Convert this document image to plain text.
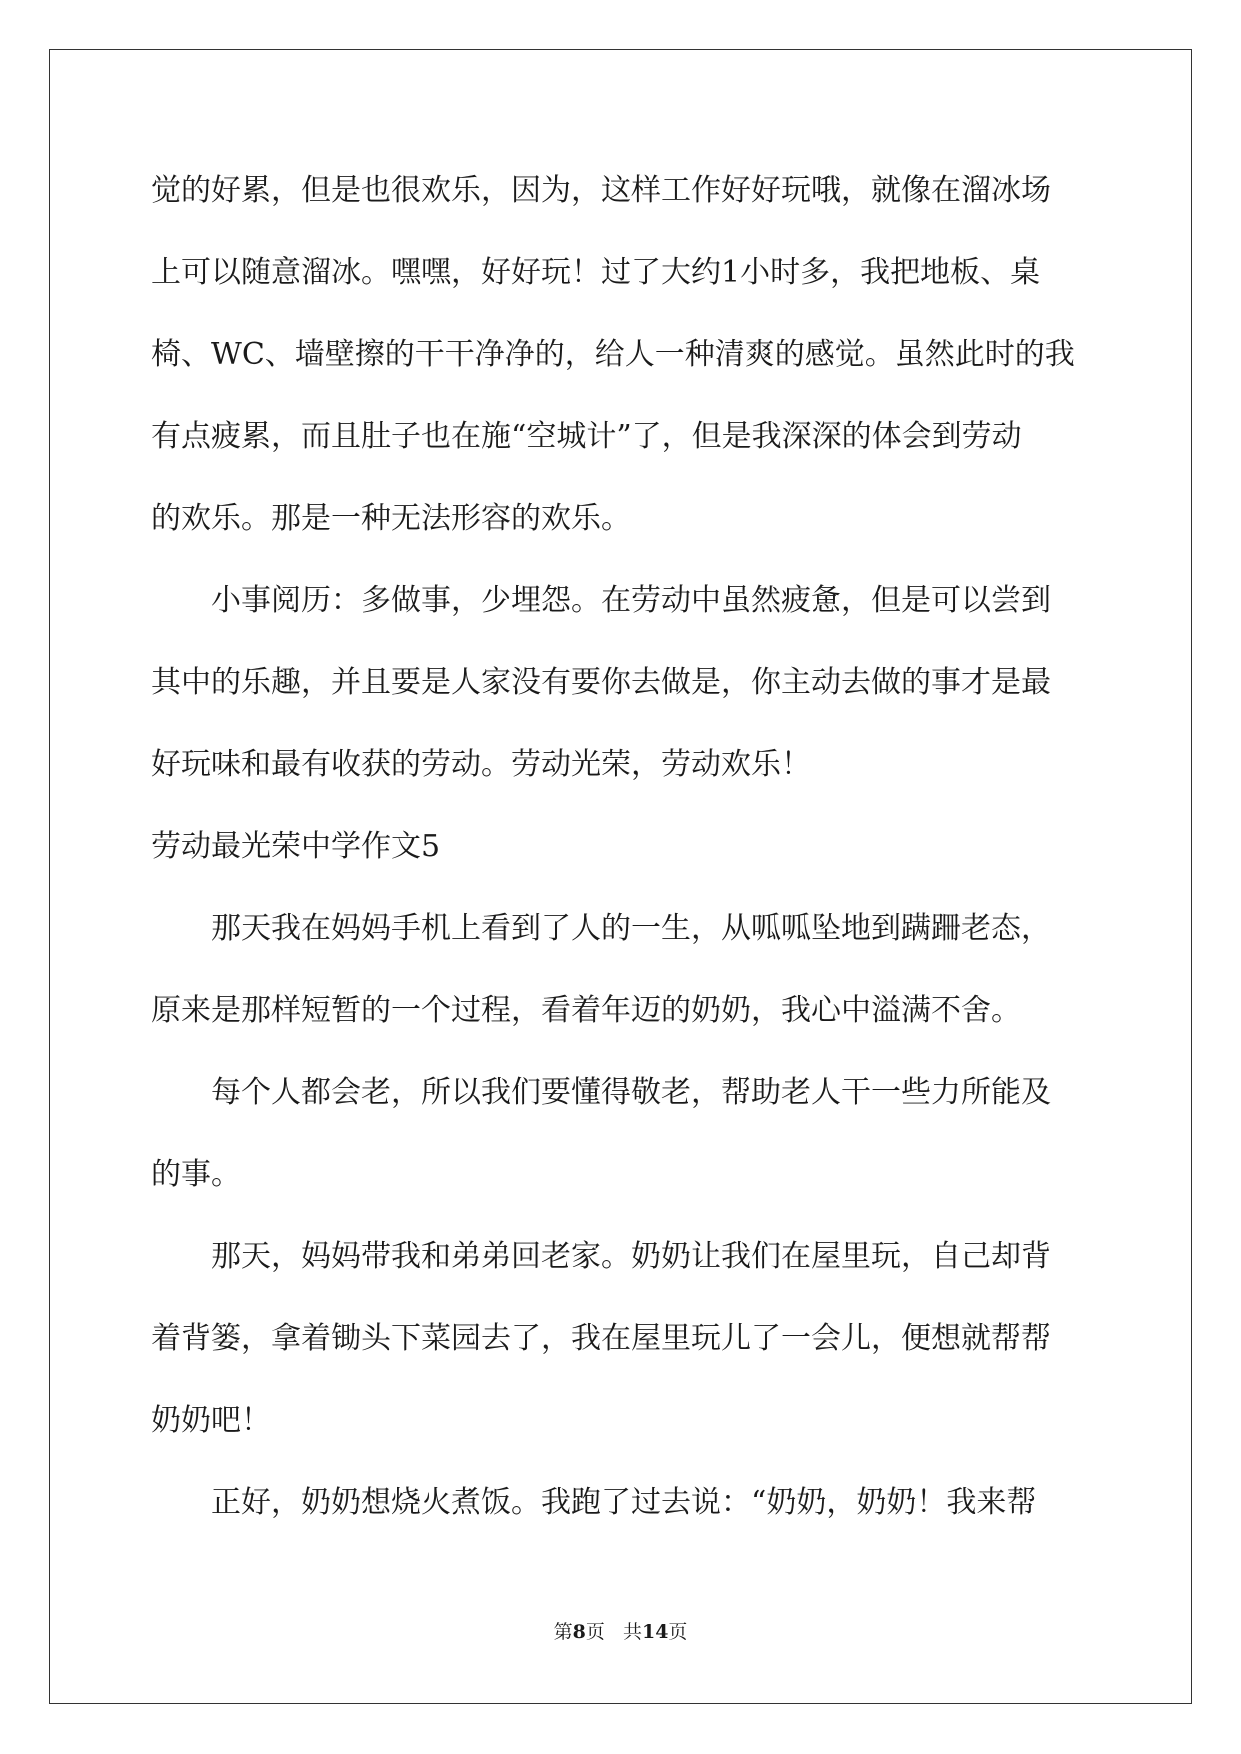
觉的好累，但是也很欢乐，因为，这样工作好好玩哦，就像在溜冰场
上可以随意溜冰。嘿嘿，好好玩！过了大约1小时多，我把地板、桌
椅、WC、墙壁擦的干干净净的，给人一种清爽的感觉。虽然此时的我
有点疲累，而且肚子也在施“空城计”了，但是我深深的体会到劳动
的欢乐。那是一种无法形容的欢乐。
　　小事阅历：多做事，少埋怨。在劳动中虽然疲惫，但是可以尝到
其中的乐趣，并且要是人家没有要你去做是，你主动去做的事才是最
好玩味和最有收获的劳动。劳动光荣，劳动欢乐！
劳动最光荣中学作文5
　　那天我在妈妈手机上看到了人的一生，从呱呱坠地到蹒跚老态，
原来是那样短暂的一个过程，看着年迈的奶奶，我心中溢满不舍。
　　每个人都会老，所以我们要懂得敬老，帮助老人干一些力所能及
的事。
　　那天，妈妈带我和弟弟回老家。奶奶让我们在屋里玩，自己却背
着背篓，拿着锄头下菜园去了，我在屋里玩儿了一会儿，便想就帮帮
奶奶吧！
　　正好，奶奶想烧火煮饭。我跑了过去说：“奶奶，奶奶！我来帮
第8页 共14页
